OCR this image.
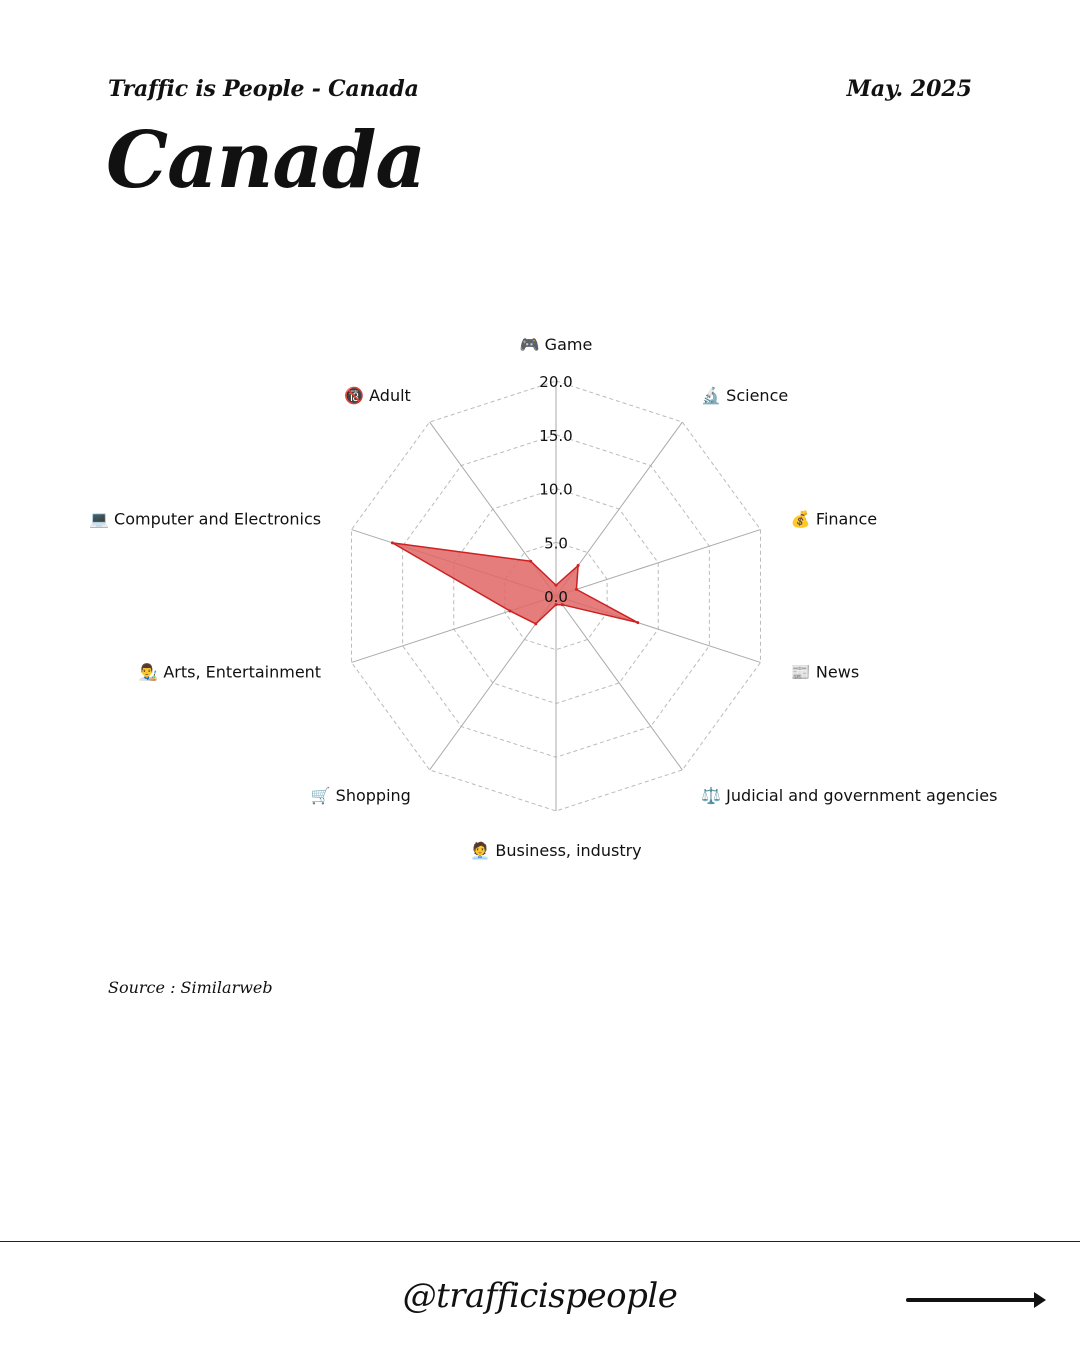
Traffic is People - Canada	May. 2025
Canada
0.0
5.0
10.0
15.0
20.0
🎮 Game
🔬 Science
💰 Finance
📰 News
⚖️ Judicial and government agencies
🧑‍💼 Business, industry
🛒 Shopping
👨‍🎨 Arts, Entertainment
💻 Computer and Electronics
🔞 Adult
Source : Similarweb
@trafficispeople
